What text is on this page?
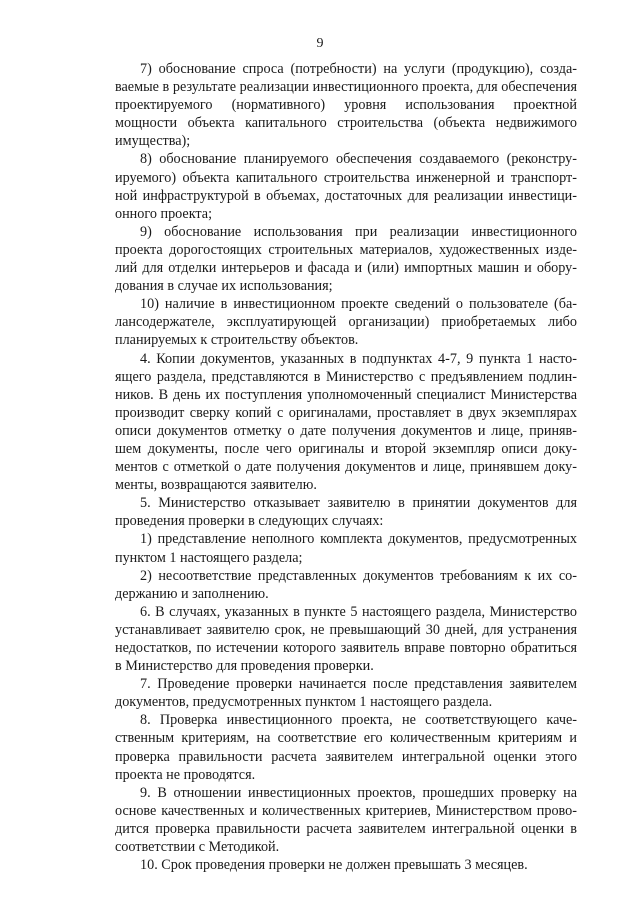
9

7) обоснование спроса (потребности) на услуги (продукцию), создаваемые в результате реализации инвестиционного проекта, для обеспечения проектируемого (нормативного) уровня использования проектной мощности объекта капитального строительства (объекта недвижимого имущества);

8) обоснование планируемого обеспечения создаваемого (реконструируемого) объекта капитального строительства инженерной и транспортной инфраструктурой в объемах, достаточных для реализации инвестиционного проекта;

9) обоснование использования при реализации инвестиционного проекта дорогостоящих строительных материалов, художественных изделий для отделки интерьеров и фасада и (или) импортных машин и оборудования в случае их использования;

10) наличие в инвестиционном проекте сведений о пользователе (балансодержателе, эксплуатирующей организации) приобретаемых либо планируемых к строительству объектов.

4. Копии документов, указанных в подпунктах 4-7, 9 пункта 1 настоящего раздела, представляются в Министерство с предъявлением подлинников. В день их поступления уполномоченный специалист Министерства производит сверку копий с оригиналами, проставляет в двух экземплярах описи документов отметку о дате получения документов и лице, принявшем документы, после чего оригиналы и второй экземпляр описи документов с отметкой о дате получения документов и лице, принявшем документы, возвращаются заявителю.

5. Министерство отказывает заявителю в принятии документов для проведения проверки в следующих случаях:

1) представление неполного комплекта документов, предусмотренных пунктом 1 настоящего раздела;

2) несоответствие представленных документов требованиям к их содержанию и заполнению.

6. В случаях, указанных в пункте 5 настоящего раздела, Министерство устанавливает заявителю срок, не превышающий 30 дней, для устранения недостатков, по истечении которого заявитель вправе повторно обратиться в Министерство для проведения проверки.

7. Проведение проверки начинается после представления заявителем документов, предусмотренных пунктом 1 настоящего раздела.

8. Проверка инвестиционного проекта, не соответствующего качественным критериям, на соответствие его количественным критериям и проверка правильности расчета заявителем интегральной оценки этого проекта не проводятся.

9. В отношении инвестиционных проектов, прошедших проверку на основе качественных и количественных критериев, Министерством проводится проверка правильности расчета заявителем интегральной оценки в соответствии с Методикой.

10. Срок проведения проверки не должен превышать 3 месяцев.
